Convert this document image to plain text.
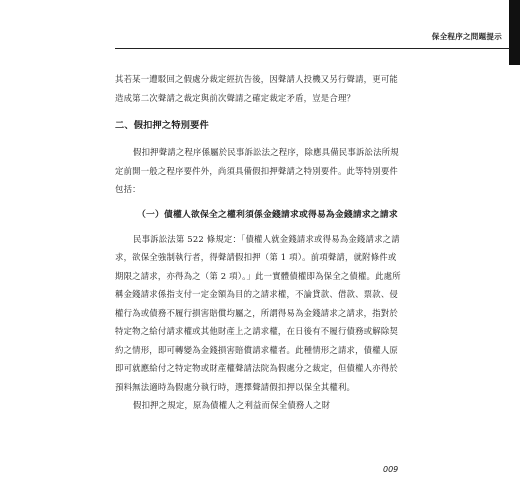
保全程序之問題提示

其若某一遭駁回之假處分裁定經抗告後，因聲請人投機又另行聲請，更可能造成第二次聲請之裁定與前次聲請之確定裁定矛盾，豈是合理？

二、假扣押之特別要件

假扣押聲請之程序係屬於民事訴訟法之程序，除應具備民事訴訟法所規定前開一般之程序要件外，尚須具備假扣押聲請之特別要件。此等特別要件包括：

（一）債權人欲保全之權利須係金錢請求或得易為金錢請求之請求

民事訴訟法第 522 條規定：「債權人就金錢請求或得易為金錢請求之請求，欲保全強制執行者，得聲請假扣押（第 1 項）。前項聲請，就附條件或期限之請求，亦得為之（第 2 項）。」此一實體債權即為保全之債權。此處所稱金錢請求係指支付一定金額為目的之請求權，不論貸款、借款、票款、侵權行為或債務不履行損害賠償均屬之，所謂得易為金錢請求之請求，指對於特定物之給付請求權或其他財產上之請求權，在日後有不履行債務或解除契約之情形，即可轉變為金錢損害賠償請求權者。此種情形之請求，債權人原即可就應給付之特定物或財產權聲請法院為假處分之裁定，但債權人亦得於預料無法適時為假處分執行時，選擇聲請假扣押以保全其權利。

假扣押之規定，原為債權人之利益而保全債務人之財

009
